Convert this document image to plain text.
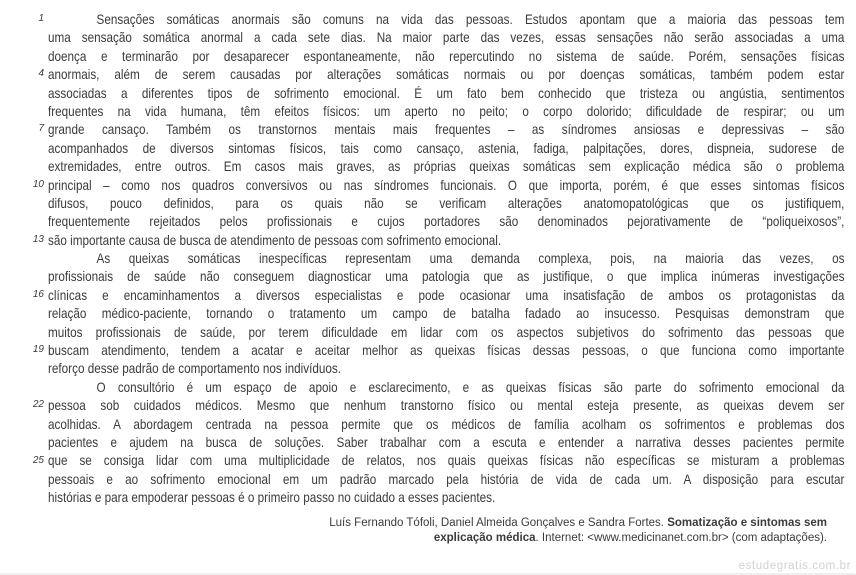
1
4
7
10
13
16
19
22
25
Sensações somáticas anormais são comuns na vida das pessoas. Estudos apontam que a maioria das pessoas tem
uma sensação somática anormal a cada sete dias. Na maior parte das vezes, essas sensações não serão associadas a uma
doença e terminarão por desaparecer espontaneamente, não repercutindo no sistema de saúde. Porém, sensações físicas
anormais, além de serem causadas por alterações somáticas normais ou por doenças somáticas, também podem estar
associadas a diferentes tipos de sofrimento emocional. É um fato bem conhecido que tristeza ou angústia, sentimentos
frequentes na vida humana, têm efeitos físicos: um aperto no peito; o corpo dolorido; dificuldade de respirar; ou um
grande cansaço. Também os transtornos mentais mais frequentes – as síndromes ansiosas e depressivas – são
acompanhados de diversos sintomas físicos, tais como cansaço, astenia, fadiga, palpitações, dores, dispneia, sudorese de
extremidades, entre outros. Em casos mais graves, as próprias queixas somáticas sem explicação médica são o problema
principal – como nos quadros conversivos ou nas síndromes funcionais. O que importa, porém, é que esses sintomas físicos
difusos, pouco definidos, para os quais não se verificam alterações anatomopatológicas que os justifiquem,
frequentemente rejeitados pelos profissionais e cujos portadores são denominados pejorativamente de “poliqueixosos”,
são importante causa de busca de atendimento de pessoas com sofrimento emocional.
As queixas somáticas inespecíficas representam uma demanda complexa, pois, na maioria das vezes, os
profissionais de saúde não conseguem diagnosticar uma patologia que as justifique, o que implica inúmeras investigações
clínicas e encaminhamentos a diversos especialistas e pode ocasionar uma insatisfação de ambos os protagonistas da
relação médico-paciente, tornando o tratamento um campo de batalha fadado ao insucesso. Pesquisas demonstram que
muitos profissionais de saúde, por terem dificuldade em lidar com os aspectos subjetivos do sofrimento das pessoas que
buscam atendimento, tendem a acatar e aceitar melhor as queixas físicas dessas pessoas, o que funciona como importante
reforço desse padrão de comportamento nos indivíduos.
O consultório é um espaço de apoio e esclarecimento, e as queixas físicas são parte do sofrimento emocional da
pessoa sob cuidados médicos. Mesmo que nenhum transtorno físico ou mental esteja presente, as queixas devem ser
acolhidas. A abordagem centrada na pessoa permite que os médicos de família acolham os sofrimentos e problemas dos
pacientes e ajudem na busca de soluções. Saber trabalhar com a escuta e entender a narrativa desses pacientes permite
que se consiga lidar com uma multiplicidade de relatos, nos quais queixas físicas não específicas se misturam a problemas
pessoais e ao sofrimento emocional em um padrão marcado pela história de vida de cada um. A disposição para escutar
histórias e para empoderar pessoas é o primeiro passo no cuidado a esses pacientes.
Luís Fernando Tófoli, Daniel Almeida Gonçalves e Sandra Fortes. Somatização e sintomas sem
explicação médica. Internet: <www.medicinanet.com.br> (com adaptações).
estudegratis.com.br
